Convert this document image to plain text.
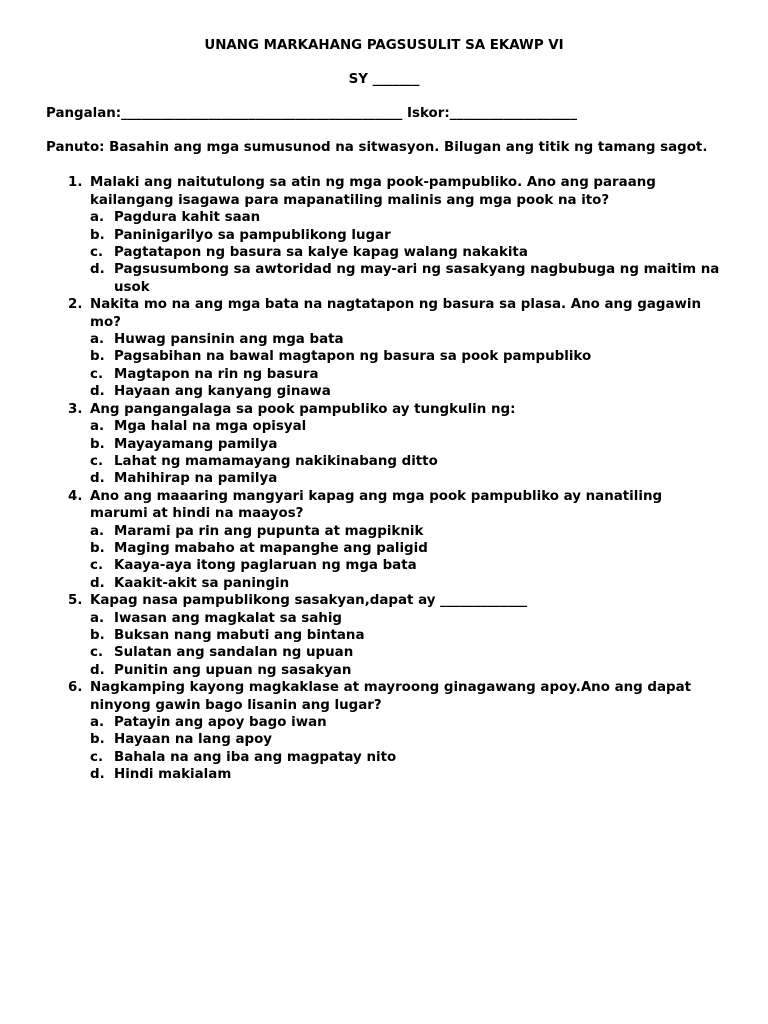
UNANG MARKAHANG PAGSUSULIT SA EKAWP VI
SY _______
Pangalan:__________________________________________ Iskor:___________________
Panuto: Basahin ang mga sumusunod na sitwasyon. Bilugan ang titik ng tamang sagot.
1. Malaki ang naitutulong sa atin ng mga pook-pampubliko. Ano ang paraang kailangang isagawa para mapanatiling malinis ang mga pook na ito?
a. Pagdura kahit saan
b. Paninigarilyo sa pampublikong lugar
c. Pagtatapon ng basura sa kalye kapag walang nakakita
d. Pagsusumbong sa awtoridad ng may-ari ng sasakyang nagbubuga ng maitim na usok
2. Nakita mo na ang mga bata na nagtatapon ng basura sa plasa. Ano ang gagawin mo?
a. Huwag pansinin ang mga bata
b. Pagsabihan na bawal magtapon ng basura sa pook pampubliko
c. Magtapon na rin ng basura
d. Hayaan ang kanyang ginawa
3. Ang pangangalaga sa pook pampubliko ay tungkulin ng:
a. Mga halal na mga opisyal
b. Mayayamang pamilya
c. Lahat ng mamamayang nakikinabang ditto
d. Mahihirap na pamilya
4. Ano ang maaaring mangyari kapag ang mga pook pampubliko ay nanatiling marumi at hindi na maayos?
a. Marami pa rin ang pupunta at magpiknik
b. Maging mabaho at mapanghe ang paligid
c. Kaaya-aya itong paglaruan ng mga bata
d. Kaakit-akit sa paningin
5. Kapag nasa pampublikong sasakyan,dapat ay _____________
a. Iwasan ang magkalat sa sahig
b. Buksan nang mabuti ang bintana
c. Sulatan ang sandalan ng upuan
d. Punitin ang upuan ng sasakyan
6. Nagkamping kayong magkaklase at mayroong ginagawang apoy.Ano ang dapat ninyong gawin bago lisanin ang lugar?
a. Patayin ang apoy bago iwan
b. Hayaan na lang apoy
c. Bahala na ang iba ang magpatay nito
d. Hindi makialam
